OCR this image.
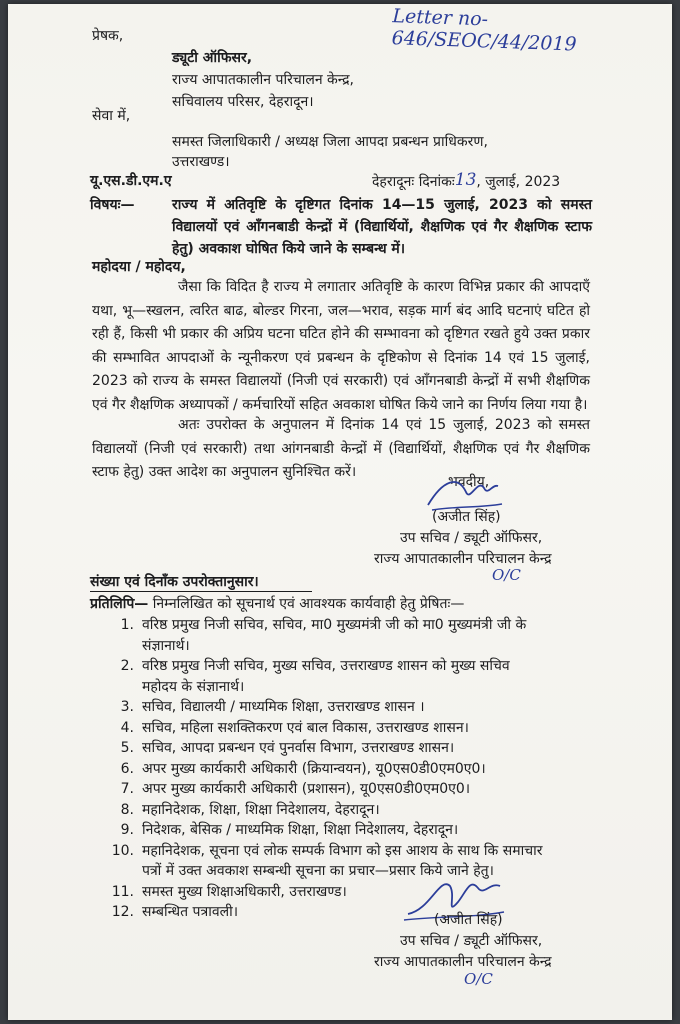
Letter no- 646/SEOC/44/2019
प्रेषक,
ड्यूटी ऑफिसर,
राज्य आपातकालीन परिचालन केन्द्र,
सचिवालय परिसर, देहरादून।
सेवा में,
समस्त जिलाधिकारी / अध्यक्ष जिला आपदा प्रबन्धन प्राधिकरण,
उत्तराखण्ड।
यू.एस.डी.एम.ए	देहरादूनः दिनांकः13, जुलाई, 2023
विषयः—	राज्य में अतिवृष्टि के दृष्टिगत दिनांक 14—15 जुलाई, 2023 को समस्त विद्यालयों एवं आँगनबाडी केन्द्रों में (विद्यार्थियों, शैक्षणिक एवं गैर शैक्षणिक स्टाफ हेतु) अवकाश घोषित किये जाने के सम्बन्ध में।
महोदया / महोदय,
जैसा कि विदित है राज्य मे लगातार अतिवृष्टि के कारण विभिन्न प्रकार की आपदाएँ यथा, भू—स्खलन, त्वरित बाढ, बोल्डर गिरना, जल—भराव, सड़क मार्ग बंद आदि घटनाएं घटित हो रही हैं, किसी भी प्रकार की अप्रिय घटना घटित होने की सम्भावना को दृष्टिगत रखते हुये उक्त प्रकार की सम्भावित आपदाओं के न्यूनीकरण एवं प्रबन्धन के दृष्टिकोण से दिनांक 14 एवं 15 जुलाई, 2023 को राज्य के समस्त विद्यालयों (निजी एवं सरकारी) एवं आँगनबाडी केन्द्रों में सभी शैक्षणिक एवं गैर शैक्षणिक अध्यापकों / कर्मचारियों सहित अवकाश घोषित किये जाने का निर्णय लिया गया है।
अतः उपरोक्त के अनुपालन में दिनांक 14 एवं 15 जुलाई, 2023 को समस्त विद्यालयों (निजी एवं सरकारी) तथा आंगनबाडी केन्द्रों में (विद्यार्थियों, शैक्षणिक एवं गैर शैक्षणिक स्टाफ हेतु) उक्त आदेश का अनुपालन सुनिश्चित करें।
भवदीय,
(अजीत सिंह)
उप सचिव / ड्यूटी ऑफिसर,
राज्य आपातकालीन परिचालन केन्द्र
O/C
संख्या एवं दिनाँक उपरोक्तानुसार।
प्रतिलिपि— निम्नलिखित को सूचनार्थ एवं आवश्यक कार्यवाही हेतु प्रेषितः—
1. वरिष्ठ प्रमुख निजी सचिव, सचिव, मा0 मुख्यमंत्री जी को मा0 मुख्यमंत्री जी के
संज्ञानार्थ।
2. वरिष्ठ प्रमुख निजी सचिव, मुख्य सचिव, उत्तराखण्ड शासन को मुख्य सचिव
महोदय के संज्ञानार्थ।
3. सचिव, विद्यालयी / माध्यमिक शिक्षा, उत्तराखण्ड शासन ।
4. सचिव, महिला सशक्तिकरण एवं बाल विकास, उत्तराखण्ड शासन।
5. सचिव, आपदा प्रबन्धन एवं पुनर्वास विभाग, उत्तराखण्ड शासन।
6. अपर मुख्य कार्यकारी अधिकारी (क्रियान्वयन), यू0एस0डी0एम0ए0।
7. अपर मुख्य कार्यकारी अधिकारी (प्रशासन), यू0एस0डी0एम0ए0।
8. महानिदेशक, शिक्षा, शिक्षा निदेशालय, देहरादून।
9. निदेशक, बेसिक / माध्यमिक शिक्षा, शिक्षा निदेशालय, देहरादून।
10. महानिदेशक, सूचना एवं लोक सम्पर्क विभाग को इस आशय के साथ कि समाचार
पत्रों में उक्त अवकाश सम्बन्धी सूचना का प्रचार—प्रसार किये जाने हेतु।
11. समस्त मुख्य शिक्षाअधिकारी, उत्तराखण्ड।
12. सम्बन्धित पत्रावली।	(अजीत सिंह)
उप सचिव / ड्यूटी ऑफिसर,
राज्य आपातकालीन परिचालन केन्द्र
O/C
